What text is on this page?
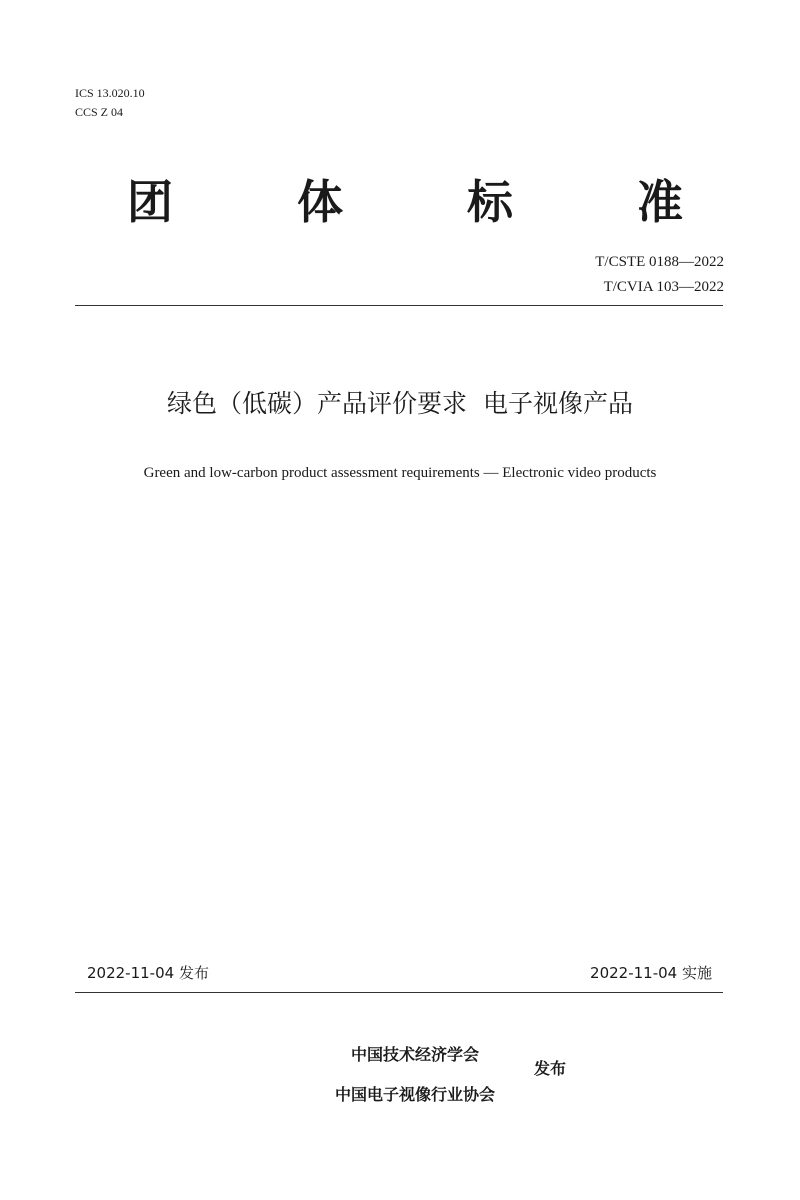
ICS 13.020.10
CCS Z 04
团	体	标	准
T/CSTE 0188—2022
T/CVIA 103—2022
绿色（低碳）产品评价要求  电子视像产品
Green and low-carbon product assessment requirements — Electronic video products
2022-11-04 发布	2022-11-04 实施
中国技术经济学会
中国电子视像行业协会
发布
